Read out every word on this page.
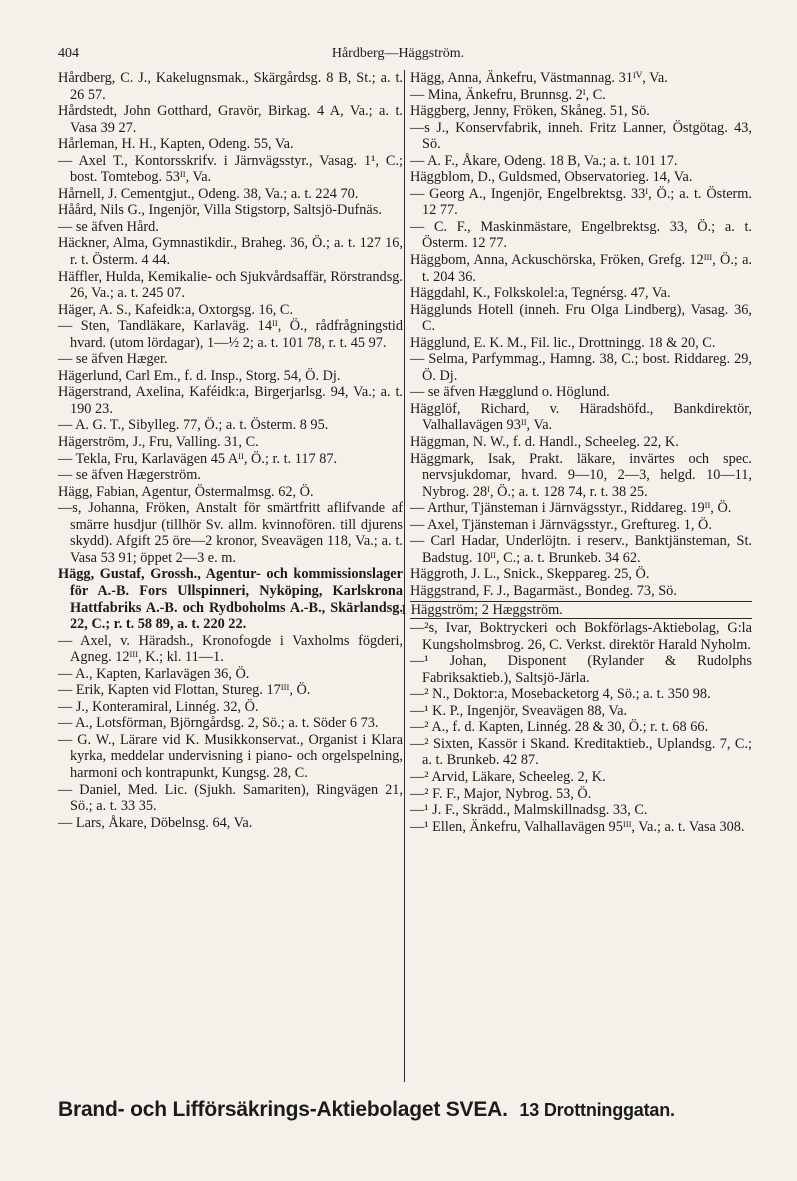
404	Hårdberg—Häggström.

Hårdberg, C. J., Kakelugnsmak., Skärgårdsg. 8 B, St.; a. t. 26 57.

Hårdstedt, John Gotthard, Gravör, Birkag. 4 A, Va.; a. t. Vasa 39 27.

Hårleman, H. H., Kapten, Odeng. 55, Va.

— Axel T., Kontorsskrifv. i Järnvägsstyr., Vasag. 1¹, C.; bost. Tomtebog. 53ᴵᴵ, Va.

Hårnell, J. Cementgjut., Odeng. 38, Va.; a. t. 224 70.

Håård, Nils G., Ingenjör, Villa Stigstorp, Saltsjö-Dufnäs.

— se äfven Hård.

Häckner, Alma, Gymnastikdir., Braheg. 36, Ö.; a. t. 127 16, r. t. Österm. 4 44.

Häffler, Hulda, Kemikalie- och Sjukvårdsaffär, Rörstrandsg. 26, Va.; a. t. 245 07.

Häger, A. S., Kafeidk:a, Oxtorgsg. 16, C.

— Sten, Tandläkare, Karlaväg. 14ᴵᴵ, Ö., rådfrågningstid hvard. (utom lördagar), 1—½ 2; a. t. 101 78, r. t. 45 97.

— se äfven Hæger.

Hägerlund, Carl Em., f. d. Insp., Storg. 54, Ö. Dj.

Hägerstrand, Axelina, Kaféidk:a, Birgerjarlsg. 94, Va.; a. t. 190 23.

— A. G. T., Sibylleg. 77, Ö.; a. t. Österm. 8 95.

Hägerström, J., Fru, Valling. 31, C.

— Tekla, Fru, Karlavägen 45 Aᴵᴵ, Ö.; r. t. 117 87.

— se äfven Hægerström.

Hägg, Fabian, Agentur, Östermalmsg. 62, Ö.

—s, Johanna, Fröken, Anstalt för smärtfritt aflifvande af smärre husdjur (tillhör Sv. allm. kvinnofören. till djurens skydd). Afgift 25 öre—2 kronor, Sveavägen 118, Va.; a. t. Vasa 53 91; öppet 2—3 e. m.

Hägg, Gustaf, Grossh., Agentur- och kommissionslager för A.-B. Fors Ullspinneri, Nyköping, Karlskrona Hattfabriks A.-B. och Rydboholms A.-B., Skärlandsg. 22, C.; r. t. 58 89, a. t. 220 22.

— Axel, v. Häradsh., Kronofogde i Vaxholms fögderi, Agneg. 12ᴵᴵᴵ, K.; kl. 11—1.

— A., Kapten, Karlavägen 36, Ö.

— Erik, Kapten vid Flottan, Stureg. 17ᴵᴵᴵ, Ö.

— J., Konteramiral, Linnég. 32, Ö.

— A., Lotsförman, Björngårdsg. 2, Sö.; a. t. Söder 6 73.

— G. W., Lärare vid K. Musikkonservat., Organist i Klara kyrka, meddelar undervisning i piano- och orgelspelning, harmoni och kontrapunkt, Kungsg. 28, C.

— Daniel, Med. Lic. (Sjukh. Samariten), Ringvägen 21, Sö.; a. t. 33 35.

— Lars, Åkare, Döbelnsg. 64, Va.

Hägg, Anna, Änkefru, Västmannag. 31ᴵⱽ, Va.

— Mina, Änkefru, Brunnsg. 2ᴵ, C.

Häggberg, Jenny, Fröken, Skåneg. 51, Sö.

—s J., Konservfabrik, inneh. Fritz Lanner, Östgötag. 43, Sö.

— A. F., Åkare, Odeng. 18 B, Va.; a. t. 101 17.

Häggblom, D., Guldsmed, Observatorieg. 14, Va.

— Georg A., Ingenjör, Engelbrektsg. 33ᴵ, Ö.; a. t. Österm. 12 77.

— C. F., Maskinmästare, Engelbrektsg. 33, Ö.; a. t. Österm. 12 77.

Häggbom, Anna, Ackuschörska, Fröken, Grefg. 12ᴵᴵᴵ, Ö.; a. t. 204 36.

Häggdahl, K., Folkskolel:a, Tegnérsg. 47, Va.

Hägglunds Hotell (inneh. Fru Olga Lindberg), Vasag. 36, C.

Hägglund, E. K. M., Fil. lic., Drottningg. 18 & 20, C.

— Selma, Parfymmag., Hamng. 38, C.; bost. Riddareg. 29, Ö. Dj.

— se äfven Hægglund o. Höglund.

Hägglöf, Richard, v. Häradshöfd., Bankdirektör, Valhallavägen 93ᴵᴵ, Va.

Häggman, N. W., f. d. Handl., Scheeleg. 22, K.

Häggmark, Isak, Prakt. läkare, invärtes och spec. nervsjukdomar, hvard. 9—10, 2—3, helgd. 10—11, Nybrog. 28ᴵ, Ö.; a. t. 128 74, r. t. 38 25.

— Arthur, Tjänsteman i Järnvägsstyr., Riddareg. 19ᴵᴵ, Ö.

— Axel, Tjänsteman i Järnvägsstyr., Greftureg. 1, Ö.

— Carl Hadar, Underlöjtn. i reserv., Banktjänsteman, St. Badstug. 10ᴵᴵ, C.; a. t. Brunkeb. 34 62.

Häggroth, J. L., Snick., Skeppareg. 25, Ö.

Häggstrand, F. J., Bagarmäst., Bondeg. 73, Sö.

1 Häggström; 2 Hæggström.

—²s, Ivar, Boktryckeri och Bokförlags-Aktiebolag, G:la Kungsholmsbrog. 26, C. Verkst. direktör Harald Nyholm.

—¹ Johan, Disponent (Rylander & Rudolphs Fabriksaktieb.), Saltsjö-Järla.

—² N., Doktor:a, Mosebacketorg 4, Sö.; a. t. 350 98.

—¹ K. P., Ingenjör, Sveavägen 88, Va.

—² A., f. d. Kapten, Linnég. 28 & 30, Ö.; r. t. 68 66.

—² Sixten, Kassör i Skand. Kreditaktieb., Uplandsg. 7, C.; a. t. Brunkeb. 42 87.

—² Arvid, Läkare, Scheeleg. 2, K.

—² F. F., Major, Nybrog. 53, Ö.

—¹ J. F., Skrädd., Malmskillnadsg. 33, C.

—¹ Ellen, Änkefru, Valhallavägen 95ᴵᴵᴵ, Va.; a. t. Vasa 308.

Brand- och Lifförsäkrings-Aktiebolaget SVEA. 13 Drottninggatan.
